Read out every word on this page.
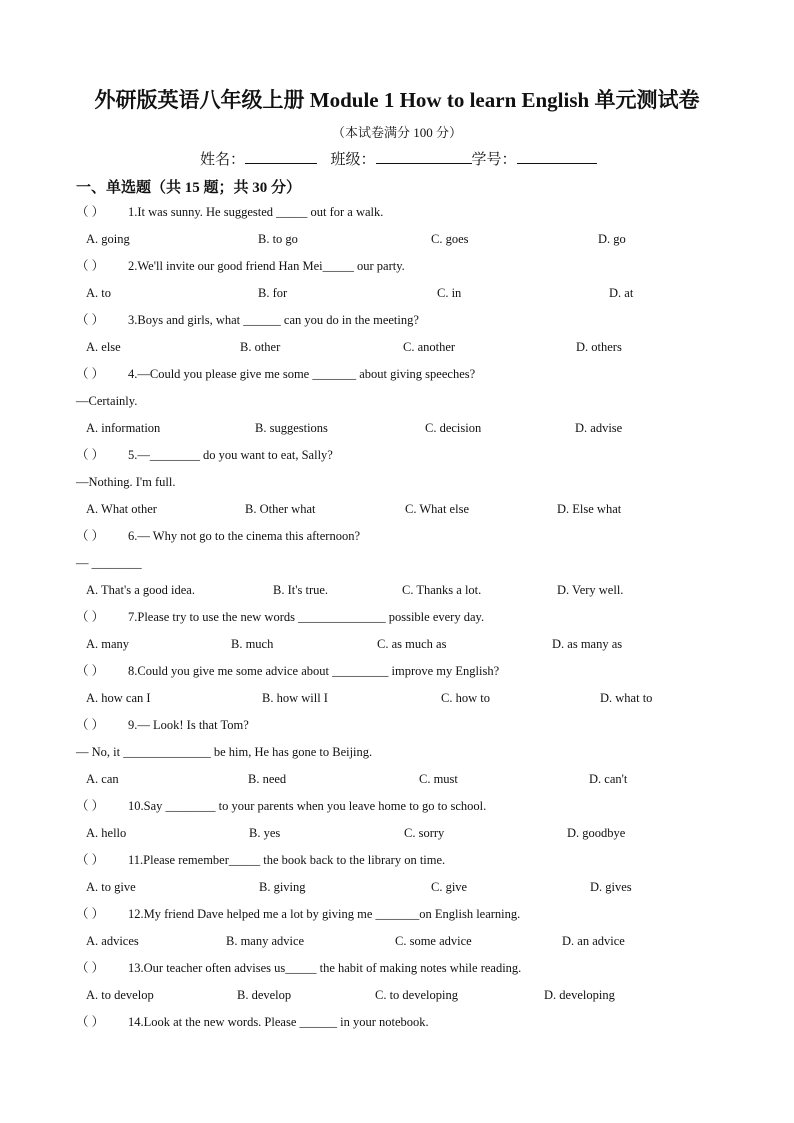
外研版英语八年级上册 Module 1 How to learn English 单元测试卷
（本试卷满分 100 分）
姓名：	班级：	学号：
一、单选题（共 15 题；共 30 分）
（ ） 1.It was sunny. He suggested _____ out for a walk.
A. going	B. to go	C. goes	D. go
（ ） 2.We'll invite our good friend Han Mei_____ our party.
A. to	B. for	C. in	D. at
（ ） 3.Boys and girls, what ______ can you do in the meeting?
A. else	B. other	C. another	D. others
（ ） 4.—Could you please give me some _______ about giving speeches?
—Certainly.
A. information	B. suggestions	C. decision	D. advise
（ ） 5.—________ do you want to eat, Sally?
—Nothing. I'm full.
A. What other	B. Other what	C. What else	D. Else what
（ ） 6.— Why not go to the cinema this afternoon?
— ________
A. That's a good idea.	B. It's true.	C. Thanks a lot.	D. Very well.
（ ） 7.Please try to use the new words ______________ possible every day.
A. many	B. much	C. as much as	D. as many as
（ ） 8.Could you give me some advice about _________ improve my English?
A. how can I	B. how will I	C. how to	D. what to
（ ） 9.— Look! Is that Tom?
— No, it ______________ be him, He has gone to Beijing.
A. can	B. need	C. must	D. can't
（ ） 10.Say ________ to your parents when you leave home to go to school.
A. hello	B. yes	C. sorry	D. goodbye
（ ） 11.Please remember_____ the book back to the library on time.
A. to give	B. giving	C. give	D. gives
（ ） 12.My friend Dave helped me a lot by giving me _______on English learning.
A. advices	B. many advice	C. some advice	D. an advice
（ ） 13.Our teacher often advises us_____ the habit of making notes while reading.
A. to develop	B. develop	C. to developing	D. developing
（ ） 14.Look at the new words. Please ______ in your notebook.
